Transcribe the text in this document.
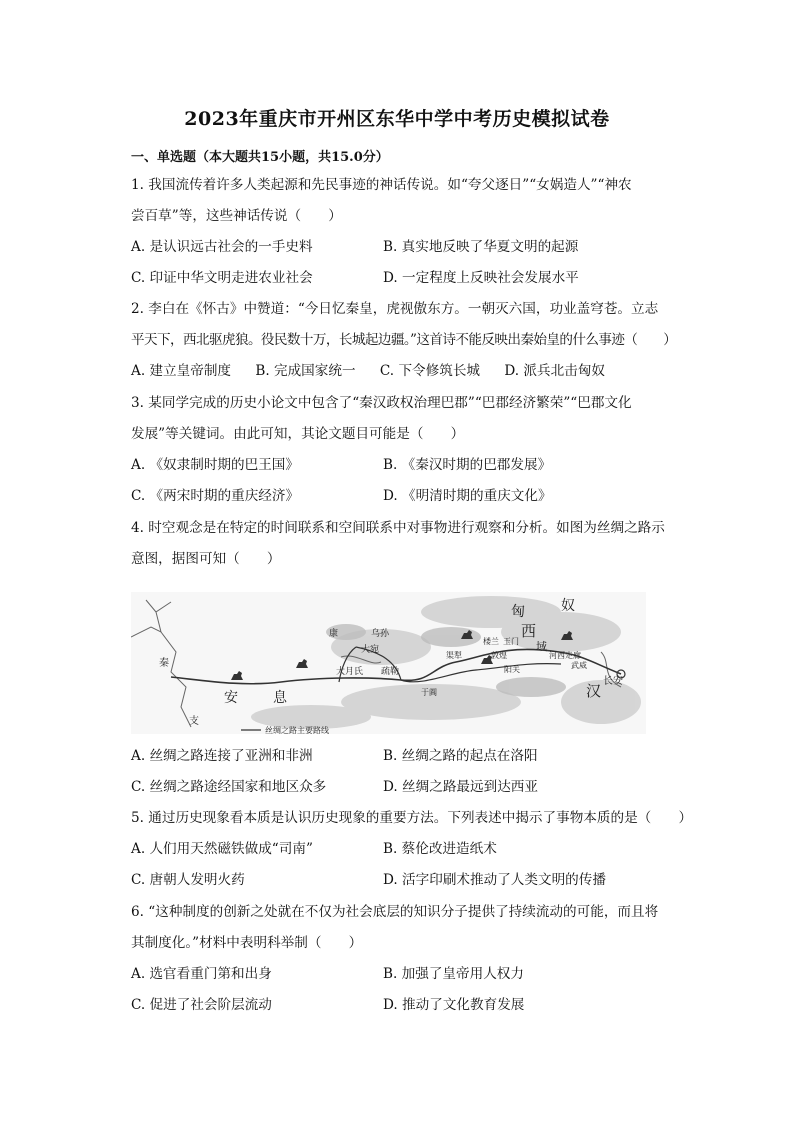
2023年重庆市开州区东华中学中考历史模拟试卷
一、单选题（本大题共15小题，共15.0分）
1. 我国流传着许多人类起源和先民事迹的神话传说。如“夸父逐日”“女娲造人”“神农
尝百草”等，这些神话传说（　　）
A. 是认识远古社会的一手史料	B. 真实地反映了华夏文明的起源
C. 印证中华文明走进农业社会	D. 一定程度上反映社会发展水平
2. 李白在《怀古》中赞道：“今日忆秦皇，虎视傲东方。一朝灭六国，功业盖穹苍。立志
平天下，西北驱虎狼。役民数十万，长城起边疆。”这首诗不能反映出秦始皇的什么事迹（　　）
A. 建立皇帝制度 B. 完成国家统一 C. 下令修筑长城 D. 派兵北击匈奴
3. 某同学完成的历史小论文中包含了“秦汉政权治理巴郡”“巴郡经济繁荣”“巴郡文化
发展”等关键词。由此可知，其论文题目可能是（　　）
A. 《奴隶制时期的巴王国》	B. 《秦汉时期的巴郡发展》
C. 《两宋时期的重庆经济》	D. 《明清时期的重庆文化》
4. 时空观念是在特定的时间联系和空间联系中对事物进行观察和分析。如图为丝绸之路示
意图，据图可知（　　）
匈	奴
西
域
汉
长安
安	息
秦
支
康	乌孙
大宛
大月氏 疏勒
于阗
敦煌
楼兰 玉门
武威
阳关
渠犁	河西走廊
丝绸之路主要路线
A. 丝绸之路连接了亚洲和非洲	B. 丝绸之路的起点在洛阳
C. 丝绸之路途经国家和地区众多	D. 丝绸之路最远到达西亚
5. 通过历史现象看本质是认识历史现象的重要方法。下列表述中揭示了事物本质的是（　　）
A. 人们用天然磁铁做成“司南”	B. 蔡伦改进造纸术
C. 唐朝人发明火药	D. 活字印刷术推动了人类文明的传播
6. “这种制度的创新之处就在不仅为社会底层的知识分子提供了持续流动的可能，而且将
其制度化。”材料中表明科举制（　　）
A. 选官看重门第和出身	B. 加强了皇帝用人权力
C. 促进了社会阶层流动	D. 推动了文化教育发展
